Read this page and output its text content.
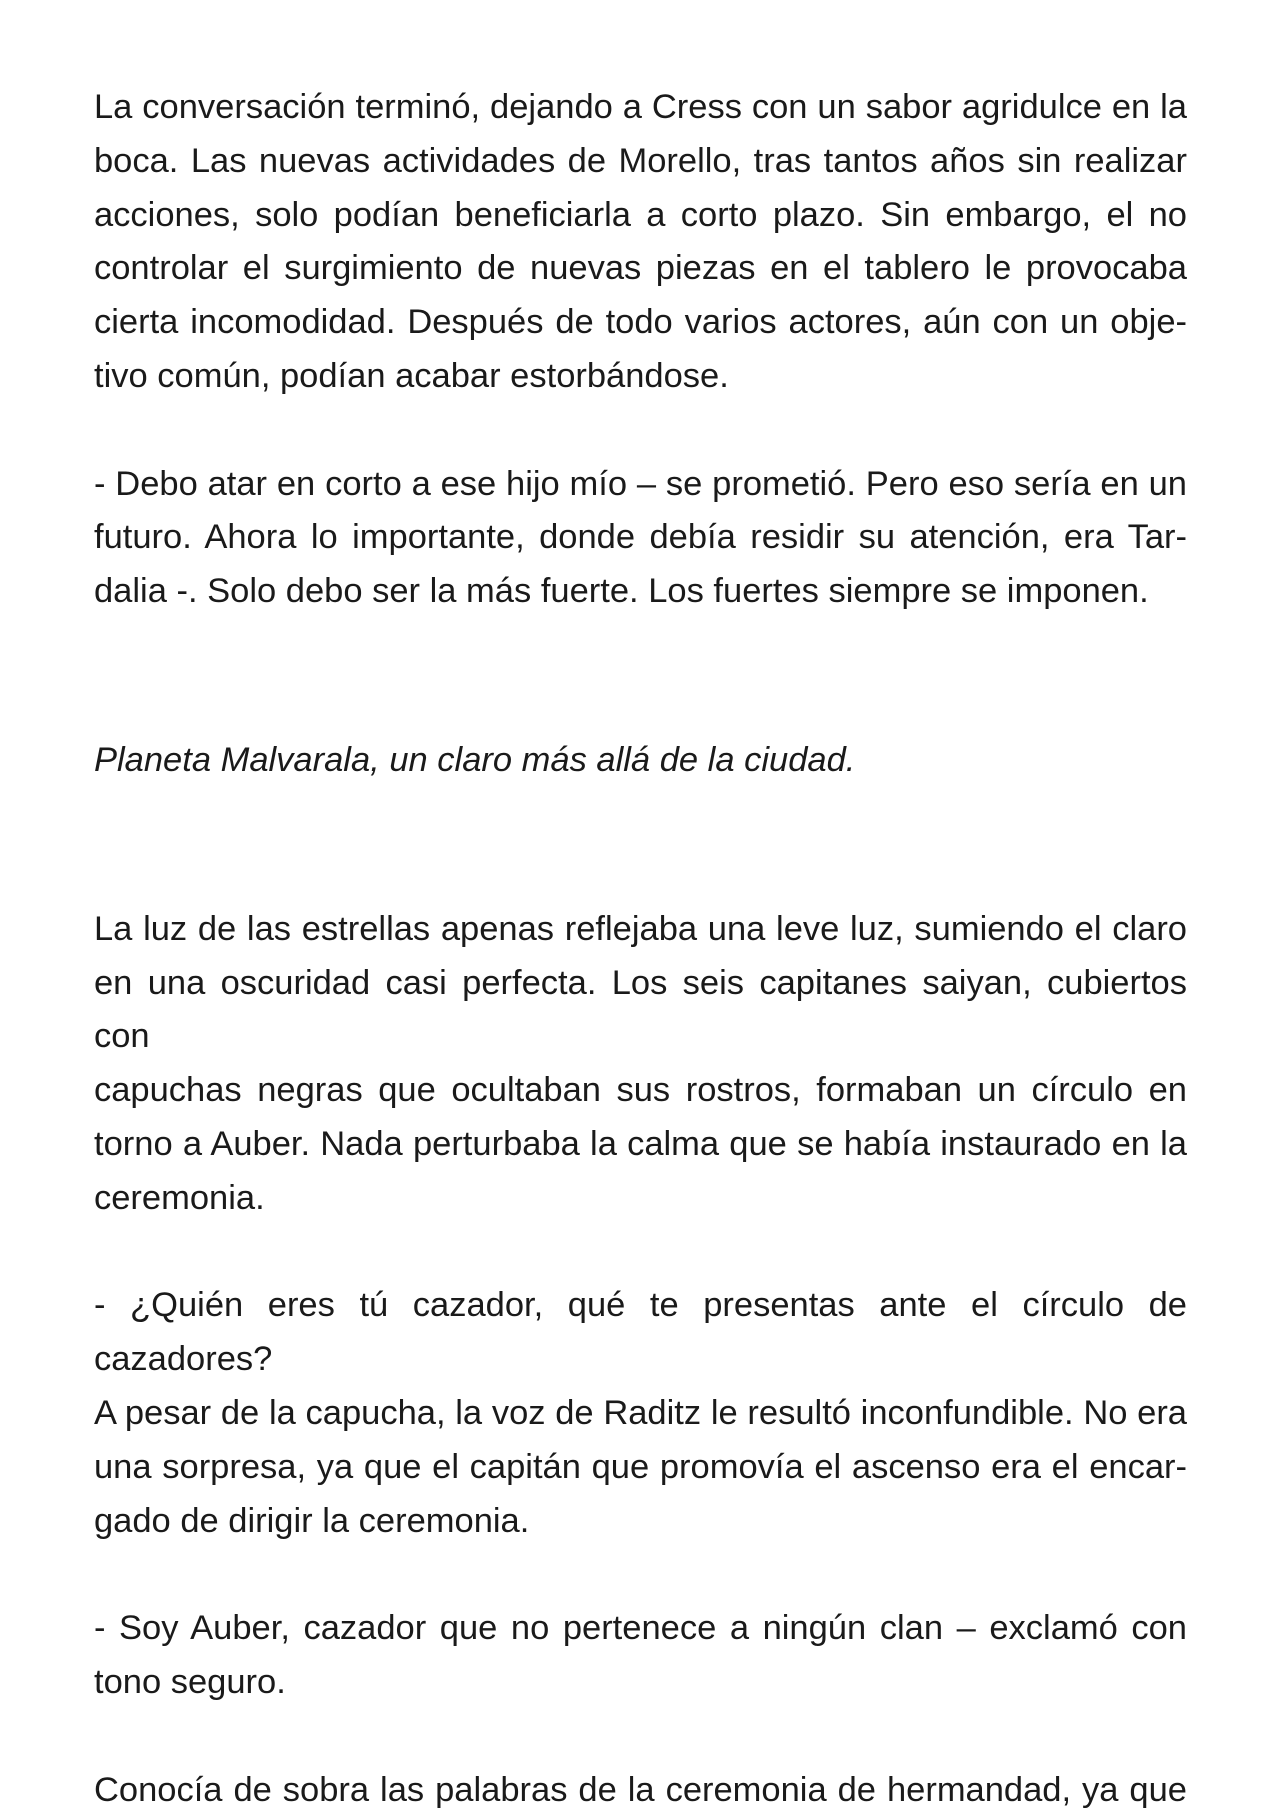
La conversación terminó, dejando a Cress con un sabor agridulce en la
boca. Las nuevas actividades de Morello, tras tantos años sin realizar
acciones, solo podían beneficiarla a corto plazo. Sin embargo, el no
controlar el surgimiento de nuevas piezas en el tablero le provocaba
cierta incomodidad. Después de todo varios actores, aún con un obje-
tivo común, podían acabar estorbándose.
- Debo atar en corto a ese hijo mío – se prometió. Pero eso sería en un
futuro. Ahora lo importante, donde debía residir su atención, era Tar-
dalia -. Solo debo ser la más fuerte. Los fuertes siempre se imponen.
Planeta Malvarala, un claro más allá de la ciudad.
La luz de las estrellas apenas reflejaba una leve luz, sumiendo el claro
en una oscuridad casi perfecta. Los seis capitanes saiyan, cubiertos con
capuchas negras que ocultaban sus rostros, formaban un círculo en
torno a Auber. Nada perturbaba la calma que se había instaurado en la
ceremonia.
- ¿Quién eres tú cazador, qué te presentas ante el círculo de cazadores?
A pesar de la capucha, la voz de Raditz le resultó inconfundible. No era
una sorpresa, ya que el capitán que promovía el ascenso era el encar-
gado de dirigir la ceremonia.
- Soy Auber, cazador que no pertenece a ningún clan – exclamó con
tono seguro.
Conocía de sobra las palabras de la ceremonia de hermandad, ya que
